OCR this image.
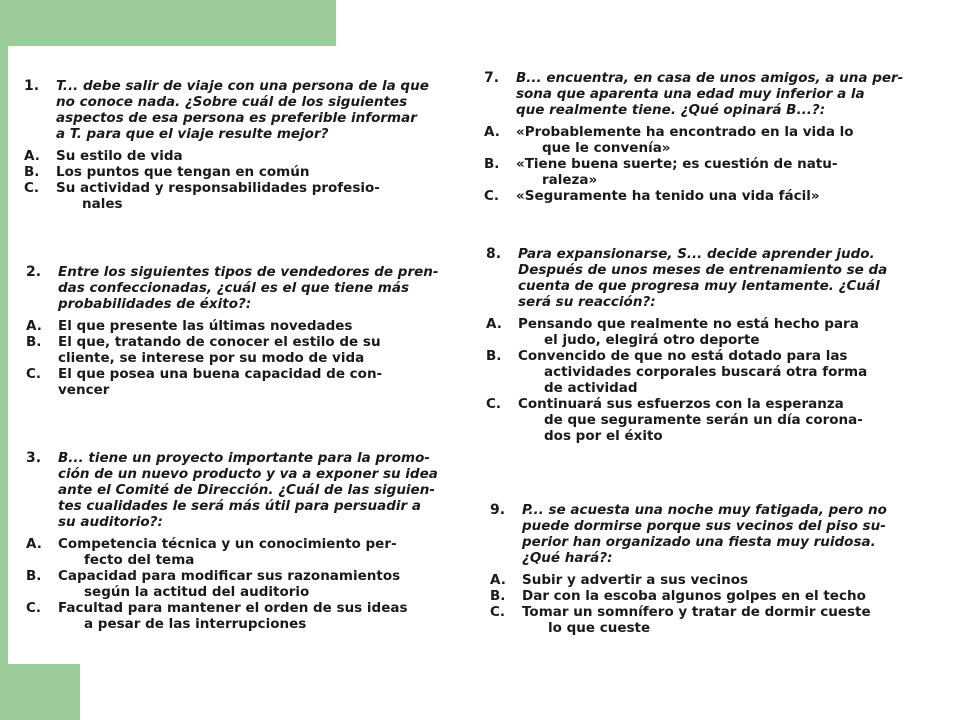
1. T... debe salir de viaje con una persona de la que
no conoce nada. ¿Sobre cuál de los siguientes
aspectos de esa persona es preferible informar
a T. para que el viaje resulte mejor?
A. Su estilo de vida
B. Los puntos que tengan en común
C. Su actividad y responsabilidades profesio-
nales
2. Entre los siguientes tipos de vendedores de pren-
das confeccionadas, ¿cuál es el que tiene más
probabilidades de éxito?:
A. El que presente las últimas novedades
B. El que, tratando de conocer el estilo de su
cliente, se interese por su modo de vida
C. El que posea una buena capacidad de con-
vencer
3. B... tiene un proyecto importante para la promo-
ción de un nuevo producto y va a exponer su idea
ante el Comité de Dirección. ¿Cuál de las siguien-
tes cualidades le será más útil para persuadir a
su auditorio?:
A. Competencia técnica y un conocimiento per-
fecto del tema
B. Capacidad para modificar sus razonamientos
según la actitud del auditorio
C. Facultad para mantener el orden de sus ideas
a pesar de las interrupciones
7. B... encuentra, en casa de unos amigos, a una per-
sona que aparenta una edad muy inferior a la
que realmente tiene. ¿Qué opinará B...?:
A. «Probablemente ha encontrado en la vida lo
que le convenía»
B. «Tiene buena suerte; es cuestión de natu-
raleza»
C. «Seguramente ha tenido una vida fácil»
8. Para expansionarse, S... decide aprender judo.
Después de unos meses de entrenamiento se da
cuenta de que progresa muy lentamente. ¿Cuál
será su reacción?:
A. Pensando que realmente no está hecho para
el judo, elegirá otro deporte
B. Convencido de que no está dotado para las
actividades corporales buscará otra forma
de actividad
C. Continuará sus esfuerzos con la esperanza
de que seguramente serán un día corona-
dos por el éxito
9. P... se acuesta una noche muy fatigada, pero no
puede dormirse porque sus vecinos del piso su-
perior han organizado una fiesta muy ruidosa.
¿Qué hará?:
A. Subir y advertir a sus vecinos
B. Dar con la escoba algunos golpes en el techo
C. Tomar un somnífero y tratar de dormir cueste
lo que cueste
